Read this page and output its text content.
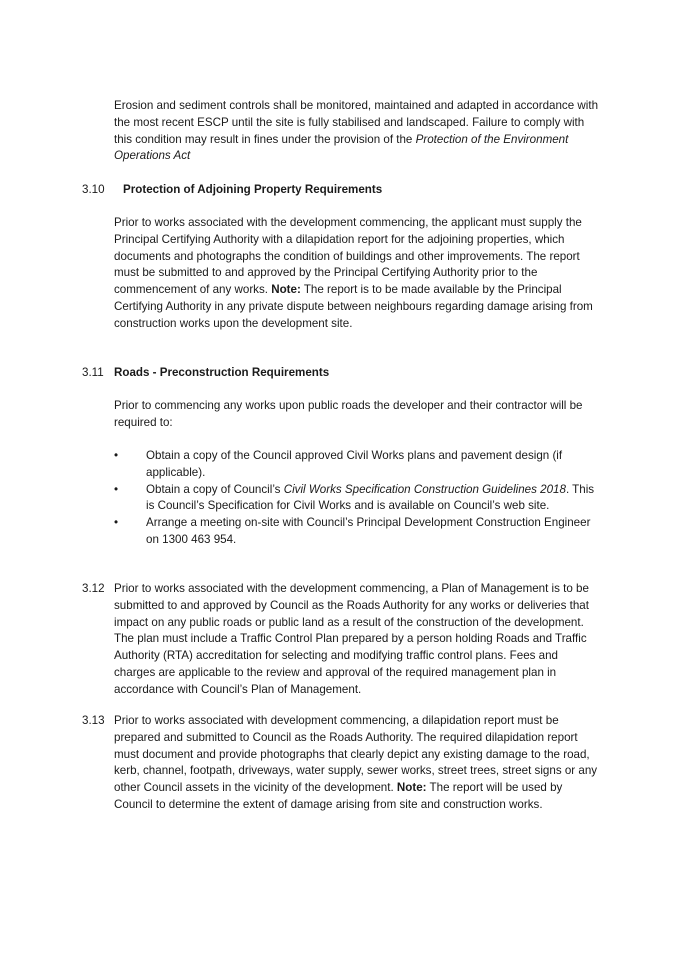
Erosion and sediment controls shall be monitored, maintained and adapted in accordance with the most recent ESCP until the site is fully stabilised and landscaped. Failure to comply with this condition may result in fines under the provision of the Protection of the Environment Operations Act

3.10 Protection of Adjoining Property Requirements

Prior to works associated with the development commencing, the applicant must supply the Principal Certifying Authority with a dilapidation report for the adjoining properties, which documents and photographs the condition of buildings and other improvements. The report must be submitted to and approved by the Principal Certifying Authority prior to the commencement of any works. Note: The report is to be made available by the Principal Certifying Authority in any private dispute between neighbours regarding damage arising from construction works upon the development site.

3.11 Roads - Preconstruction Requirements

Prior to commencing any works upon public roads the developer and their contractor will be required to:

• Obtain a copy of the Council approved Civil Works plans and pavement design (if applicable).
• Obtain a copy of Council’s Civil Works Specification Construction Guidelines 2018. This is Council’s Specification for Civil Works and is available on Council’s web site.
• Arrange a meeting on-site with Council’s Principal Development Construction Engineer on 1300 463 954.

3.12 Prior to works associated with the development commencing, a Plan of Management is to be submitted to and approved by Council as the Roads Authority for any works or deliveries that impact on any public roads or public land as a result of the construction of the development. The plan must include a Traffic Control Plan prepared by a person holding Roads and Traffic Authority (RTA) accreditation for selecting and modifying traffic control plans. Fees and charges are applicable to the review and approval of the required management plan in accordance with Council’s Plan of Management.

3.13 Prior to works associated with development commencing, a dilapidation report must be prepared and submitted to Council as the Roads Authority. The required dilapidation report must document and provide photographs that clearly depict any existing damage to the road, kerb, channel, footpath, driveways, water supply, sewer works, street trees, street signs or any other Council assets in the vicinity of the development. Note: The report will be used by Council to determine the extent of damage arising from site and construction works.
